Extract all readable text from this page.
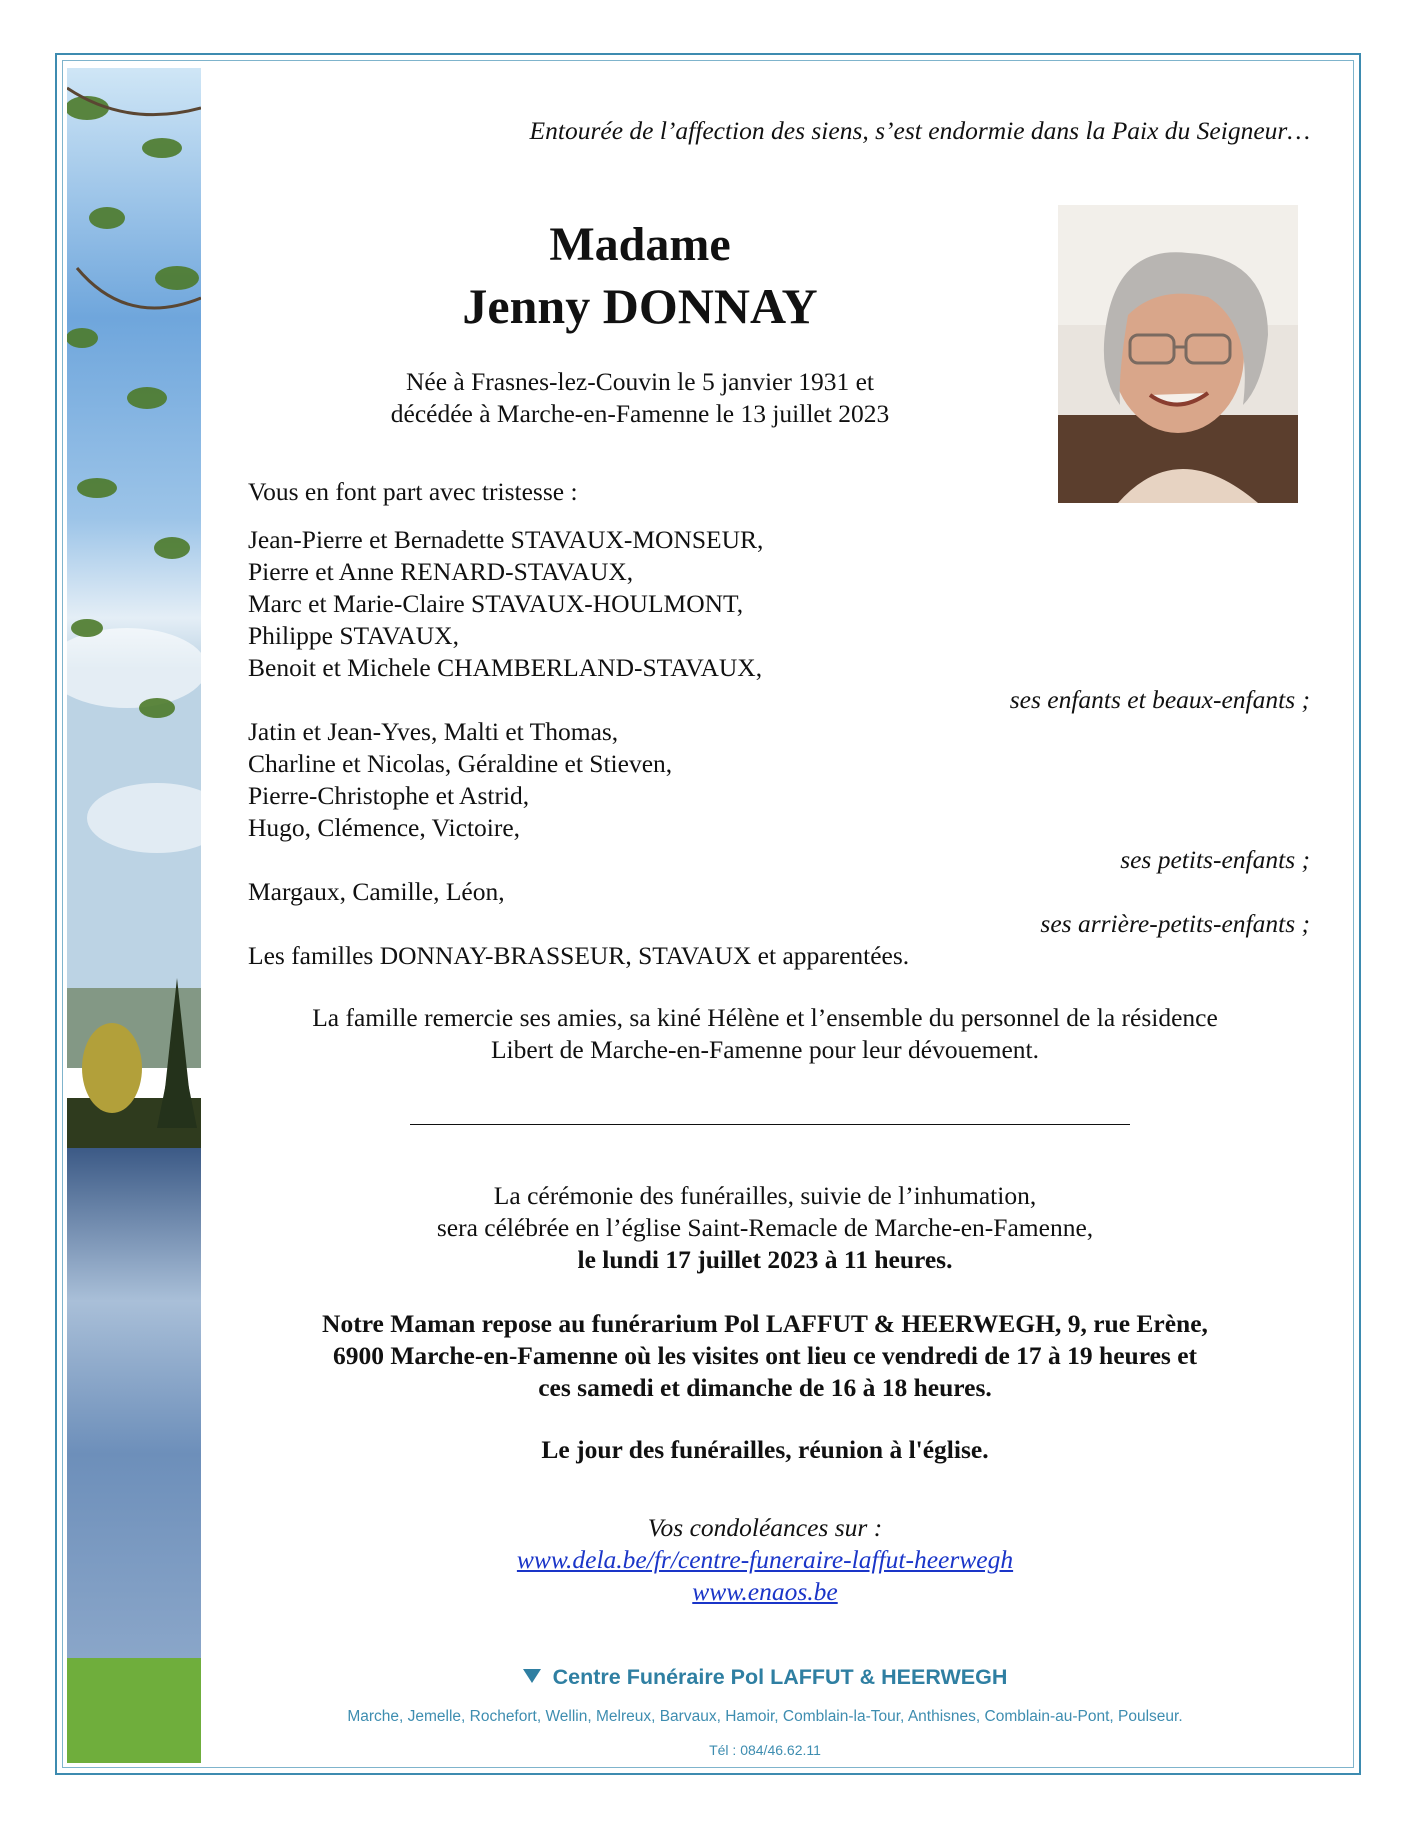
Entourée de l’affection des siens, s’est endormie dans la Paix du Seigneur…
Madame
Jenny DONNAY
Née à Frasnes-lez-Couvin le 5 janvier 1931 et
décédée à Marche-en-Famenne le 13 juillet 2023
Vous en font part avec tristesse :
Jean-Pierre et Bernadette STAVAUX-MONSEUR,
Pierre et Anne RENARD-STAVAUX,
Marc et Marie-Claire STAVAUX-HOULMONT,
Philippe STAVAUX,
Benoit et Michele CHAMBERLAND-STAVAUX,
ses enfants et beaux-enfants ;
Jatin et Jean-Yves, Malti et Thomas,
Charline et Nicolas, Géraldine et Stieven,
Pierre-Christophe et Astrid,
Hugo, Clémence, Victoire,
ses petits-enfants ;
Margaux, Camille, Léon,
ses arrière-petits-enfants ;
Les familles DONNAY-BRASSEUR, STAVAUX et apparentées.
La famille remercie ses amies, sa kiné Hélène et l’ensemble du personnel de la résidence
Libert de Marche-en-Famenne pour leur dévouement.
La cérémonie des funérailles, suivie de l’inhumation,
sera célébrée en l’église Saint-Remacle de Marche-en-Famenne,
le lundi 17 juillet 2023 à 11 heures.
Notre Maman repose au funérarium Pol LAFFUT & HEERWEGH, 9, rue Erène,
6900 Marche-en-Famenne où les visites ont lieu ce vendredi de 17 à 19 heures et
ces samedi et dimanche de 16 à 18 heures.
Le jour des funérailles, réunion à l'église.
Vos condoléances sur :
www.dela.be/fr/centre-funeraire-laffut-heerwegh
www.enaos.be
Centre Funéraire Pol LAFFUT & HEERWEGH
Marche, Jemelle, Rochefort, Wellin, Melreux, Barvaux, Hamoir, Comblain-la-Tour, Anthisnes, Comblain-au-Pont, Poulseur.
Tél : 084/46.62.11
